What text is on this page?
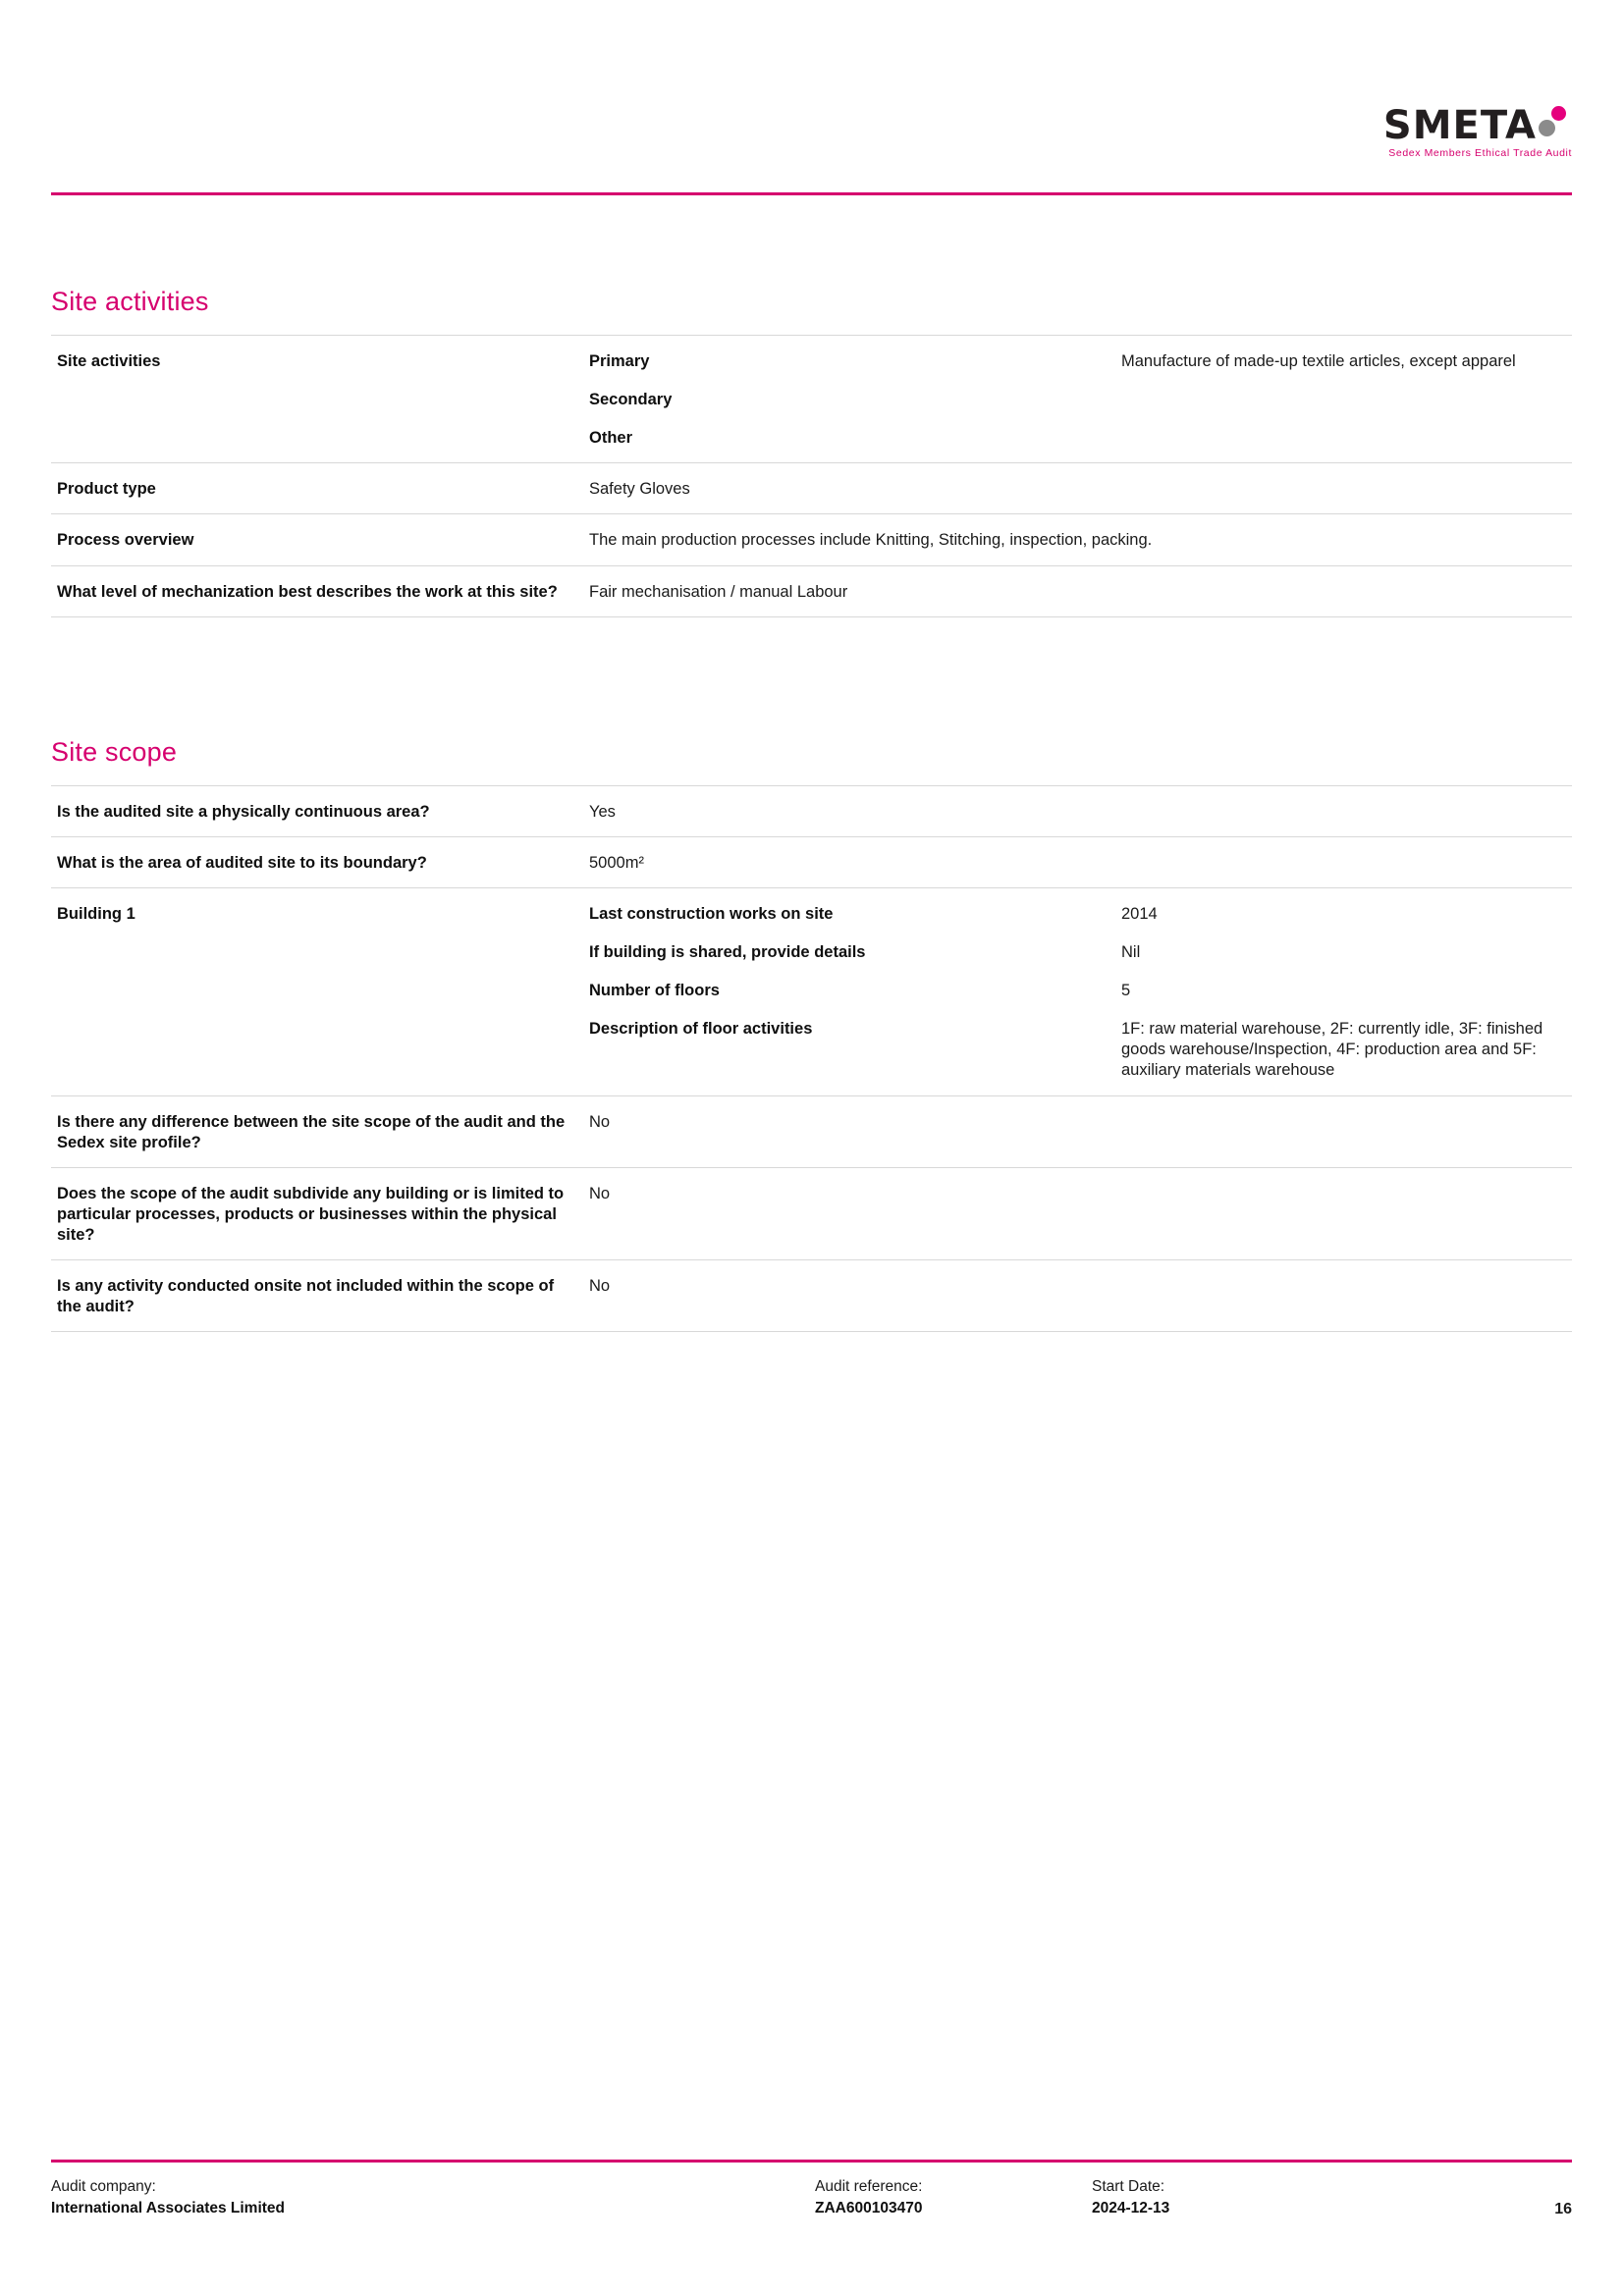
SMETA
Sedex Members Ethical Trade Audit
Site activities
Site activities	Primary	Manufacture of made-up textile articles, except apparel
	Secondary	
	Other	
Product type	Safety Gloves	
Process overview	The main production processes include Knitting, Stitching, inspection, packing.	
What level of mechanization best describes the work at this site?	Fair mechanisation / manual Labour	

Site scope
Is the audited site a physically continuous area?	Yes	
What is the area of audited site to its boundary?	5000m²	
Building 1	Last construction works on site	2014
	If building is shared, provide details	Nil
	Number of floors	5
	Description of floor activities	1F: raw material warehouse, 2F: currently idle, 3F: finished goods warehouse/Inspection, 4F: production area and 5F: auxiliary materials warehouse
Is there any difference between the site scope of the audit and the Sedex site profile?	No	
Does the scope of the audit subdivide any building or is limited to particular processes, products or businesses within the physical site?	No	
Is any activity conducted onsite not included within the scope of the audit?	No	

Audit company:
International Associates Limited
Audit reference:
ZAA600103470
Start Date:
2024-12-13	16
